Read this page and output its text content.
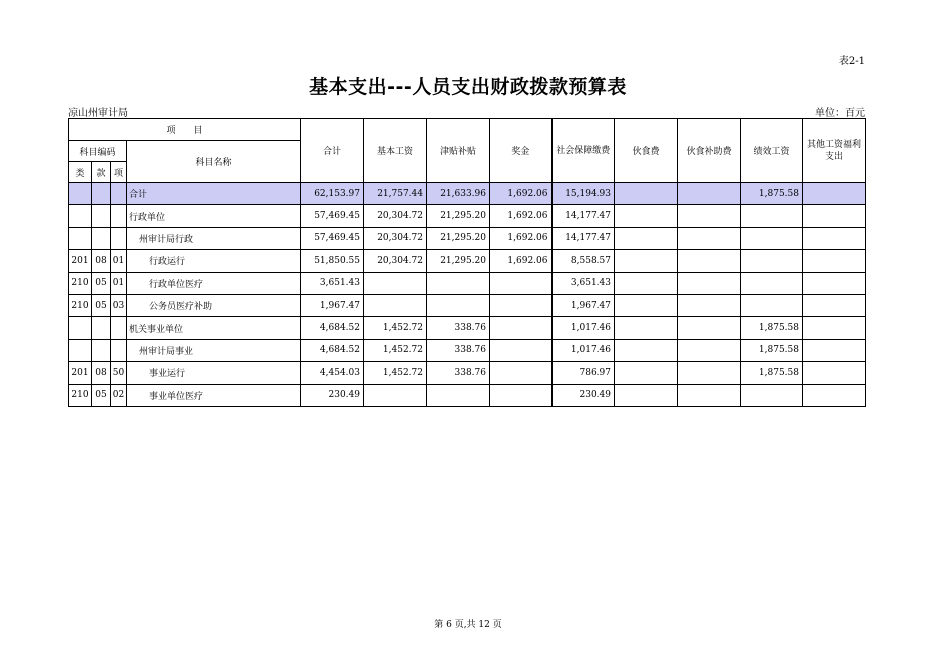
表2-1
基本支出---人员支出财政拨款预算表
凉山州审计局	单位：百元
项　　目				合计	基本工资	津贴补贴	奖金	社会保障缴费	伙食费	伙食补助费	绩效工资	其他工资福利支出
科目编码			科目名称									
类	款	项										
			合计	62,153.97	21,757.44	21,633.96	1,692.06	15,194.93			1,875.58	
			行政单位	57,469.45	20,304.72	21,295.20	1,692.06	14,177.47				
			州审计局行政	57,469.45	20,304.72	21,295.20	1,692.06	14,177.47				
201	08	01	行政运行	51,850.55	20,304.72	21,295.20	1,692.06	8,558.57				
210	05	01	行政单位医疗	3,651.43				3,651.43				
210	05	03	公务员医疗补助	1,967.47				1,967.47				
			机关事业单位	4,684.52	1,452.72	338.76		1,017.46			1,875.58	
			州审计局事业	4,684.52	1,452.72	338.76		1,017.46			1,875.58	
201	08	50	事业运行	4,454.03	1,452.72	338.76		786.97			1,875.58	
210	05	02	事业单位医疗	230.49				230.49				
第 6 页,共 12 页
